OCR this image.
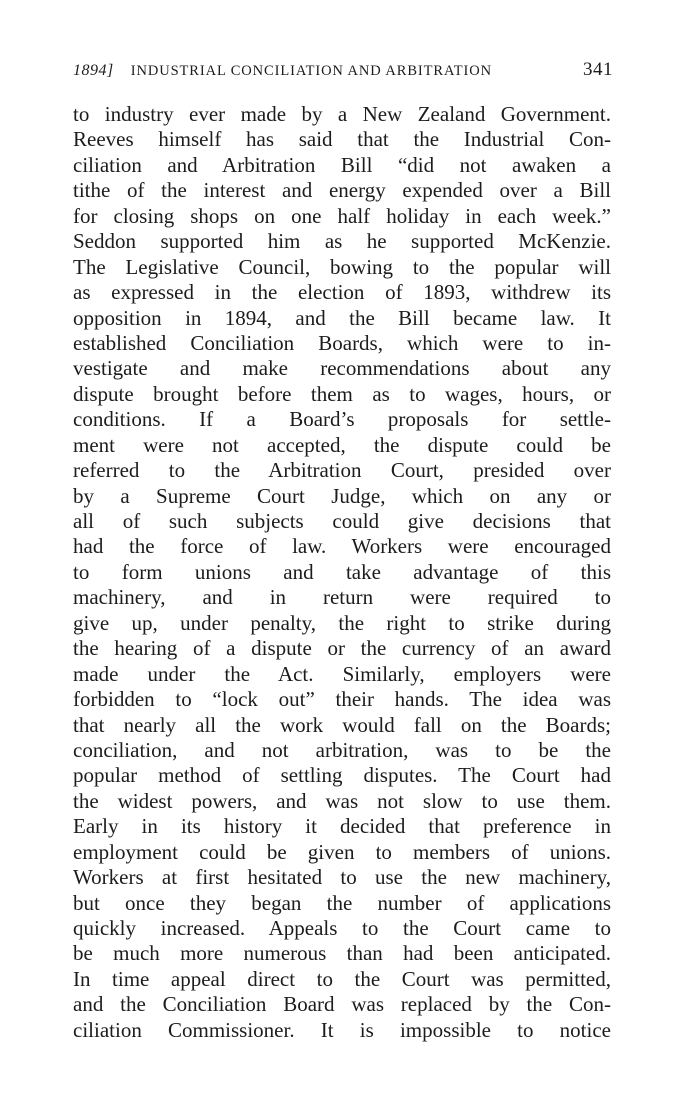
1894] INDUSTRIAL CONCILIATION AND ARBITRATION	341
to industry ever made by a New Zealand Government.
Reeves himself has said that the Industrial Con-
ciliation and Arbitration Bill “did not awaken a
tithe of the interest and energy expended over a Bill
for closing shops on one half holiday in each week.”
Seddon supported him as he supported McKenzie.
The Legislative Council, bowing to the popular will
as expressed in the election of 1893, withdrew its
opposition in 1894, and the Bill became law. It
established Conciliation Boards, which were to in-
vestigate and make recommendations about any
dispute brought before them as to wages, hours, or
conditions. If a Board’s proposals for settle-
ment were not accepted, the dispute could be
referred to the Arbitration Court, presided over
by a Supreme Court Judge, which on any or
all of such subjects could give decisions that
had the force of law. Workers were encouraged
to form unions and take advantage of this
machinery, and in return were required to
give up, under penalty, the right to strike during
the hearing of a dispute or the currency of an award
made under the Act. Similarly, employers were
forbidden to “lock out” their hands. The idea was
that nearly all the work would fall on the Boards;
conciliation, and not arbitration, was to be the
popular method of settling disputes. The Court had
the widest powers, and was not slow to use them.
Early in its history it decided that preference in
employment could be given to members of unions.
Workers at first hesitated to use the new machinery,
but once they began the number of applications
quickly increased. Appeals to the Court came to
be much more numerous than had been anticipated.
In time appeal direct to the Court was permitted,
and the Conciliation Board was replaced by the Con-
ciliation Commissioner. It is impossible to notice
